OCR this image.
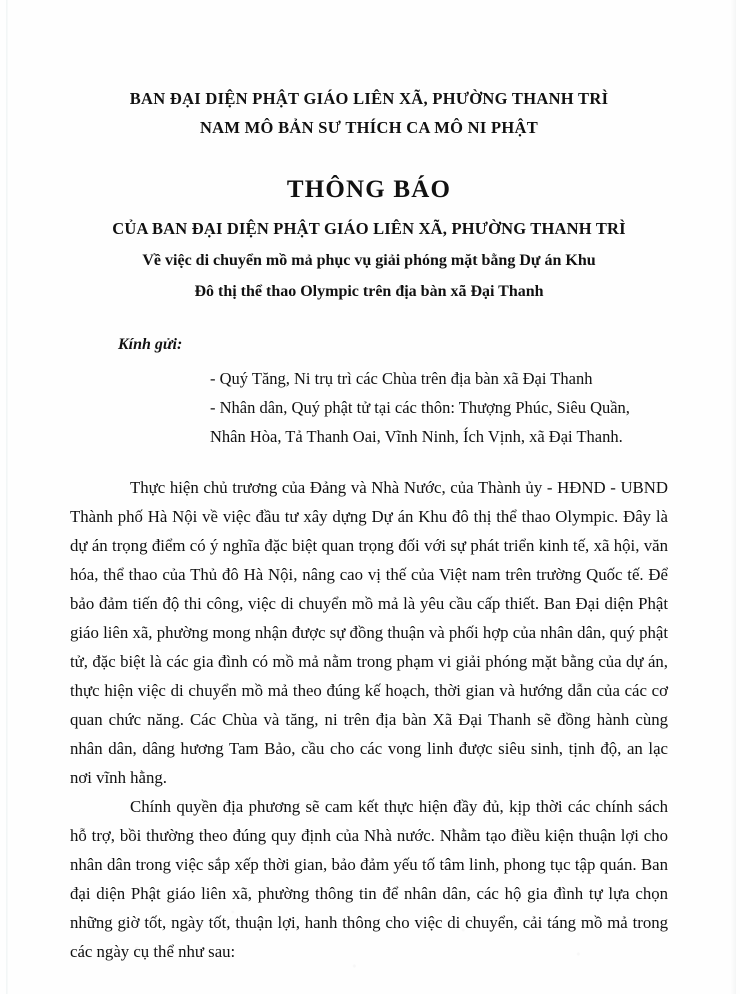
BAN ĐẠI DIỆN PHẬT GIÁO LIÊN XÃ, PHƯỜNG THANH TRÌ
NAM MÔ BẢN SƯ THÍCH CA MÔ NI PHẬT
THÔNG BÁO
CỦA BAN ĐẠI DIỆN PHẬT GIÁO LIÊN XÃ, PHƯỜNG THANH TRÌ
Về việc di chuyển mồ mả phục vụ giải phóng mặt bằng Dự án Khu
Đô thị thể thao Olympic trên địa bàn xã Đại Thanh
Kính gửi:
- Quý Tăng, Ni trụ trì các Chùa trên địa bàn xã Đại Thanh
- Nhân dân, Quý phật tử tại các thôn: Thượng Phúc, Siêu Quần,
Nhân Hòa, Tả Thanh Oai, Vĩnh Ninh, Ích Vịnh, xã Đại Thanh.

Thực hiện chủ trương của Đảng và Nhà Nước, của Thành ủy - HĐND - UBND Thành phố Hà Nội về việc đầu tư xây dựng Dự án Khu đô thị thể thao Olympic. Đây là dự án trọng điểm có ý nghĩa đặc biệt quan trọng đối với sự phát triển kinh tế, xã hội, văn hóa, thể thao của Thủ đô Hà Nội, nâng cao vị thế của Việt nam trên trường Quốc tế. Để bảo đảm tiến độ thi công, việc di chuyển mồ mả là yêu cầu cấp thiết. Ban Đại diện Phật giáo liên xã, phường mong nhận được sự đồng thuận và phối hợp của nhân dân, quý phật tử, đặc biệt là các gia đình có mồ mả nằm trong phạm vi giải phóng mặt bằng của dự án, thực hiện việc di chuyển mồ mả theo đúng kế hoạch, thời gian và hướng dẫn của các cơ quan chức năng. Các Chùa và tăng, ni trên địa bàn Xã Đại Thanh sẽ đồng hành cùng nhân dân, dâng hương Tam Bảo, cầu cho các vong linh được siêu sinh, tịnh độ, an lạc nơi vĩnh hằng.

Chính quyền địa phương sẽ cam kết thực hiện đầy đủ, kịp thời các chính sách hỗ trợ, bồi thường theo đúng quy định của Nhà nước. Nhằm tạo điều kiện thuận lợi cho nhân dân trong việc sắp xếp thời gian, bảo đảm yếu tố tâm linh, phong tục tập quán. Ban đại diện Phật giáo liên xã, phường thông tin để nhân dân, các hộ gia đình tự lựa chọn những giờ tốt, ngày tốt, thuận lợi, hanh thông cho việc di chuyển, cải táng mồ mả trong các ngày cụ thể như sau:
